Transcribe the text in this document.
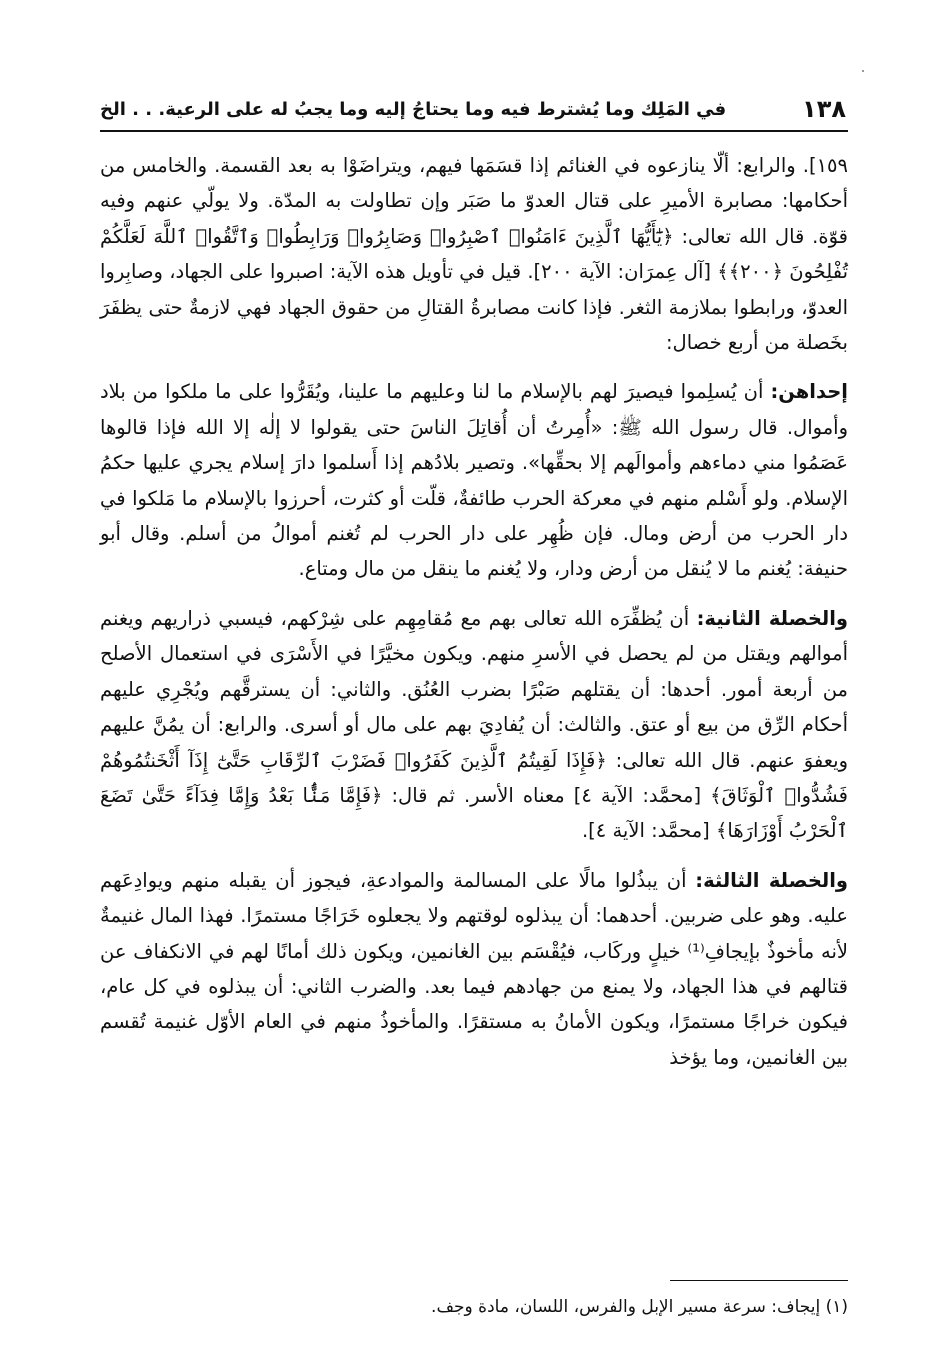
١٣٨
في المَلِك وما يُشترط فيه وما يحتاجُ إليه وما يجبُ له على الرعية. . . الخ

١٥٩]. والرابع: ألّا ينازعوه في الغنائم إذا قسَمَها فيهم، ويتراضَوْا به بعد القسمة. والخامس من أحكامها: مصابرة الأميرِ على قتال العدوّ ما صَبَر وإن تطاولت به المدّة. ولا يولّي عنهم وفيه قوّة. قال الله تعالى: ﴿يَٰٓأَيُّهَا ٱلَّذِينَ ءَامَنُوا۟ ٱصْبِرُوا۟ وَصَابِرُوا۟ وَرَابِطُوا۟ وَٱتَّقُوا۟ ٱللَّهَ لَعَلَّكُمْ تُفْلِحُونَ ﴿٢٠٠﴾﴾ [آل عِمرَان: الآية ٢٠٠]. قيل في تأويل هذه الآية: اصبروا على الجهاد، وصابِروا العدوّ، ورابطوا بملازمة الثغر. فإذا كانت مصابرةُ القتالِ من حقوق الجهاد فهي لازمةٌ حتى يظفَرَ بخَصلة من أربع خصال:

إحداهن: أن يُسلِموا فيصيرَ لهم بالإسلام ما لنا وعليهم ما علينا، ويُقَرُّوا على ما ملكوا من بلاد وأموال. قال رسول الله ﷺ: «أُمِرتُ أن أُقاتِلَ الناسَ حتى يقولوا لا إلٰه إلا الله فإذا قالوها عَصَمُوا مني دماءهم وأموالَهم إلا بحقِّها». وتصير بلادُهم إذا أَسلموا دارَ إسلام يجري عليها حكمُ الإسلام. ولو أَسْلم منهم في معركة الحرب طائفةٌ، قلّت أو كثرت، أحرزوا بالإسلام ما مَلكوا في دار الحرب من أرض ومال. فإن ظُهِر على دار الحرب لم تُغنم أموالُ من أسلم. وقال أبو حنيفة: يُغنم ما لا يُنقل من أرض ودار، ولا يُغنم ما ينقل من مال ومتاع.

والخصلة الثانية: أن يُظفِّرَه الله تعالى بهم مع مُقامِهِم على شِرْكهم، فيسبي ذراريهم ويغنم أموالهم ويقتل من لم يحصل في الأسرِ منهم. ويكون مخيَّرًا في الأَسْرَى في استعمال الأصلح من أربعة أمور. أحدها: أن يقتلهم صَبْرًا بضرب العُنُق. والثاني: أن يسترقَّهم ويُجْرِي عليهم أحكام الرِّق من بيع أو عتق. والثالث: أن يُفادِيَ بهم على مال أو أسرى. والرابع: أن يمُنَّ عليهم ويعفوَ عنهم. قال الله تعالى: ﴿فَإِذَا لَقِيتُمُ ٱلَّذِينَ كَفَرُوا۟ فَضَرْبَ ٱلرِّقَابِ حَتَّىٰٓ إِذَآ أَثْخَنتُمُوهُمْ فَشُدُّوا۟ ٱلْوَثَاقَ﴾ [محمَّد: الآية ٤] معناه الأسر. ثم قال: ﴿فَإِمَّا مَنًّۢا بَعْدُ وَإِمَّا فِدَآءً حَتَّىٰ تَضَعَ ٱلْحَرْبُ أَوْزَارَهَا﴾ [محمَّد: الآية ٤].

والخصلة الثالثة: أن يبذُلوا مالًا على المسالمة والموادعةِ، فيجوز أن يقبله منهم ويوادِعَهم عليه. وهو على ضربين. أحدهما: أن يبذلوه لوقتهم ولا يجعلوه خَرَاجًا مستمرًا. فهذا المال غنيمةٌ لأنه مأخوذٌ بإيجافِ⁽¹⁾ خيلٍ وركَاب، فيُقْسَم بين الغانمين، ويكون ذلك أمانًا لهم في الانكفاف عن قتالهم في هذا الجهاد، ولا يمنع من جهادهم فيما بعد. والضرب الثاني: أن يبذلوه في كل عام، فيكون خراجًا مستمرًا، ويكون الأمانُ به مستقرًا. والمأخوذُ منهم في العام الأوّل غنيمة تُقسم بين الغانمين، وما يؤخذ

(١) إيجاف: سرعة مسير الإبل والفرس، اللسان، مادة وجف.
